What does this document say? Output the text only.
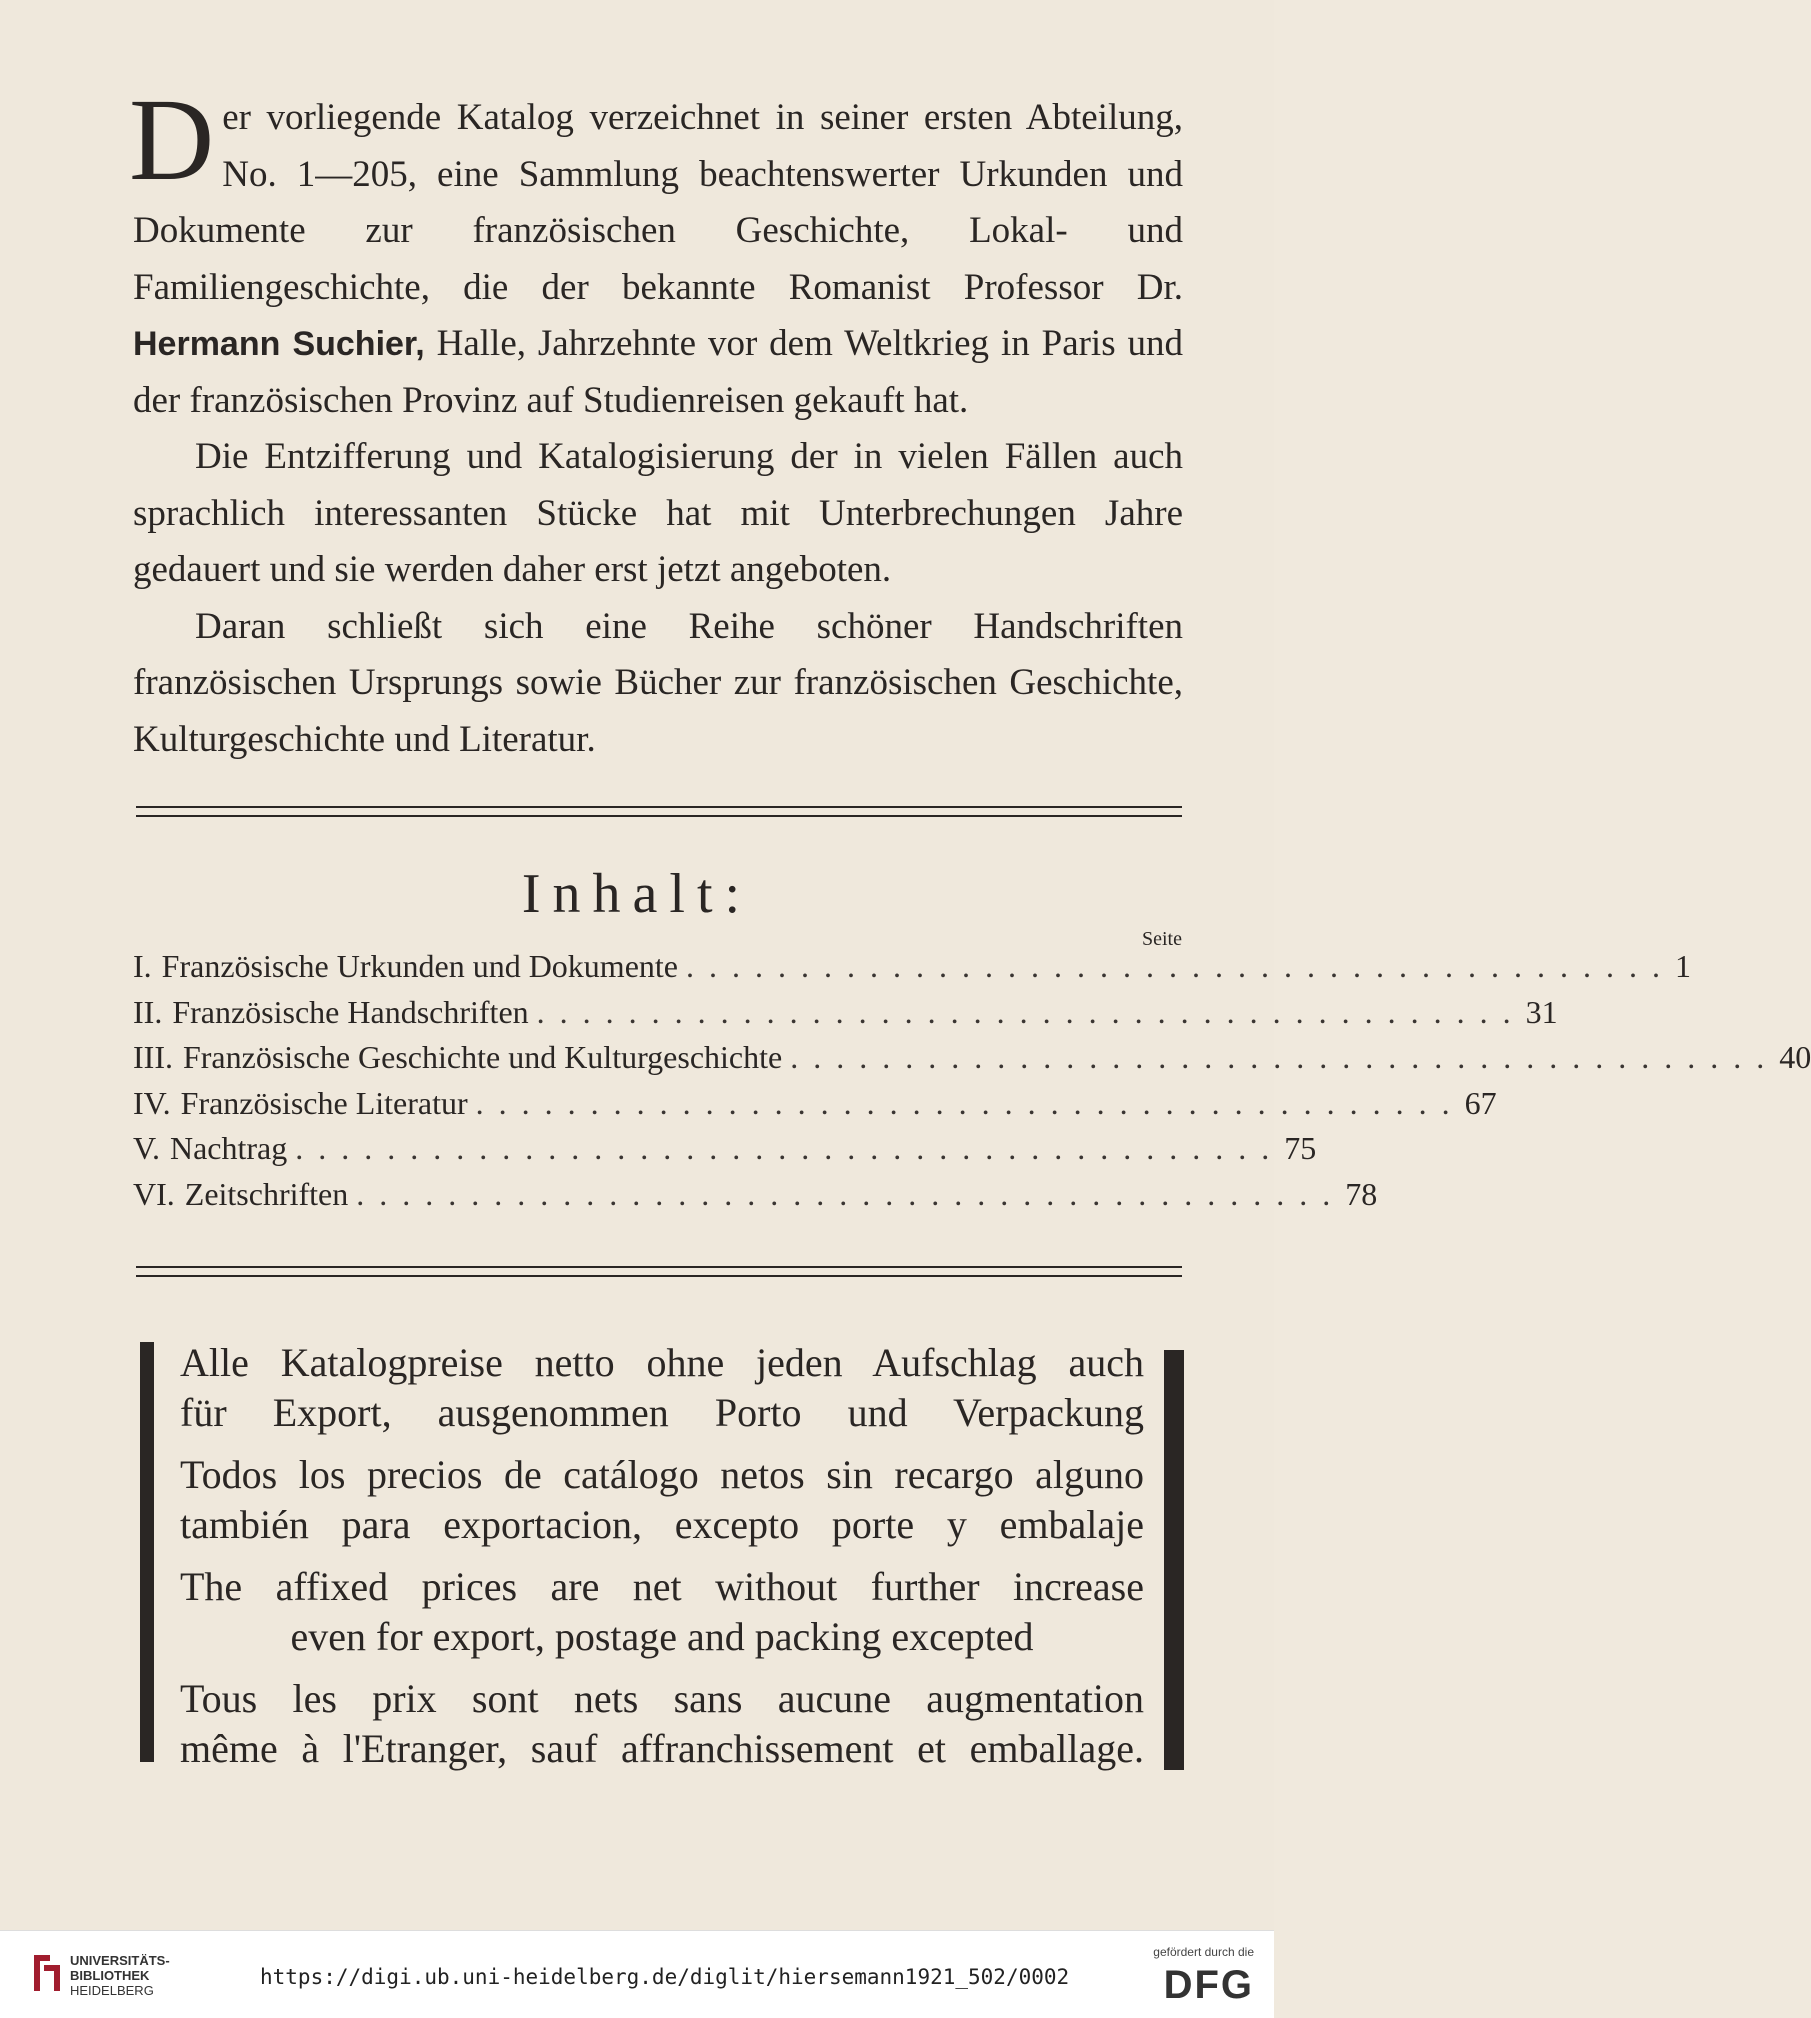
Der vorliegende Katalog verzeichnet in seiner ersten Abteilung, No. 1—205, eine Sammlung beachtenswerter Urkunden und Dokumente zur französischen Geschichte, Lokal- und Familiengeschichte, die der bekannte Romanist Professor Dr. Hermann Suchier, Halle, Jahrzehnte vor dem Weltkrieg in Paris und der französischen Provinz auf Studienreisen gekauft hat.

Die Entzifferung und Katalogisierung der in vielen Fällen auch sprachlich interessanten Stücke hat mit Unterbrechungen Jahre gedauert und sie werden daher erst jetzt angeboten.

Daran schließt sich eine Reihe schöner Handschriften französischen Ursprungs sowie Bücher zur französischen Geschichte, Kulturgeschichte und Literatur.

Inhalt:
Seite
I. Französische Urkunden und Dokumente ........................................... 1
II. Französische Handschriften ........................................... 31
III. Französische Geschichte und Kulturgeschichte ........................................... 40
IV. Französische Literatur ........................................... 67
V. Nachtrag ........................................... 75
VI. Zeitschriften ........................................... 78
Alle Katalogpreise netto ohne jeden Aufschlag auch
für Export, ausgenommen Porto und Verpackung
Todos los precios de catálogo netos sin recargo alguno
también para exportacion, excepto porte y embalaje
The affixed prices are net without further increase
even for export, postage and packing excepted
Tous les prix sont nets sans aucune augmentation
même à l'Etranger, sauf affranchissement et emballage.
UNIVERSITÄTS-
BIBLIOTHEK
HEIDELBERG
https://digi.ub.uni-heidelberg.de/diglit/hiersemann1921_502/0002
gefördert durch die
DFG
